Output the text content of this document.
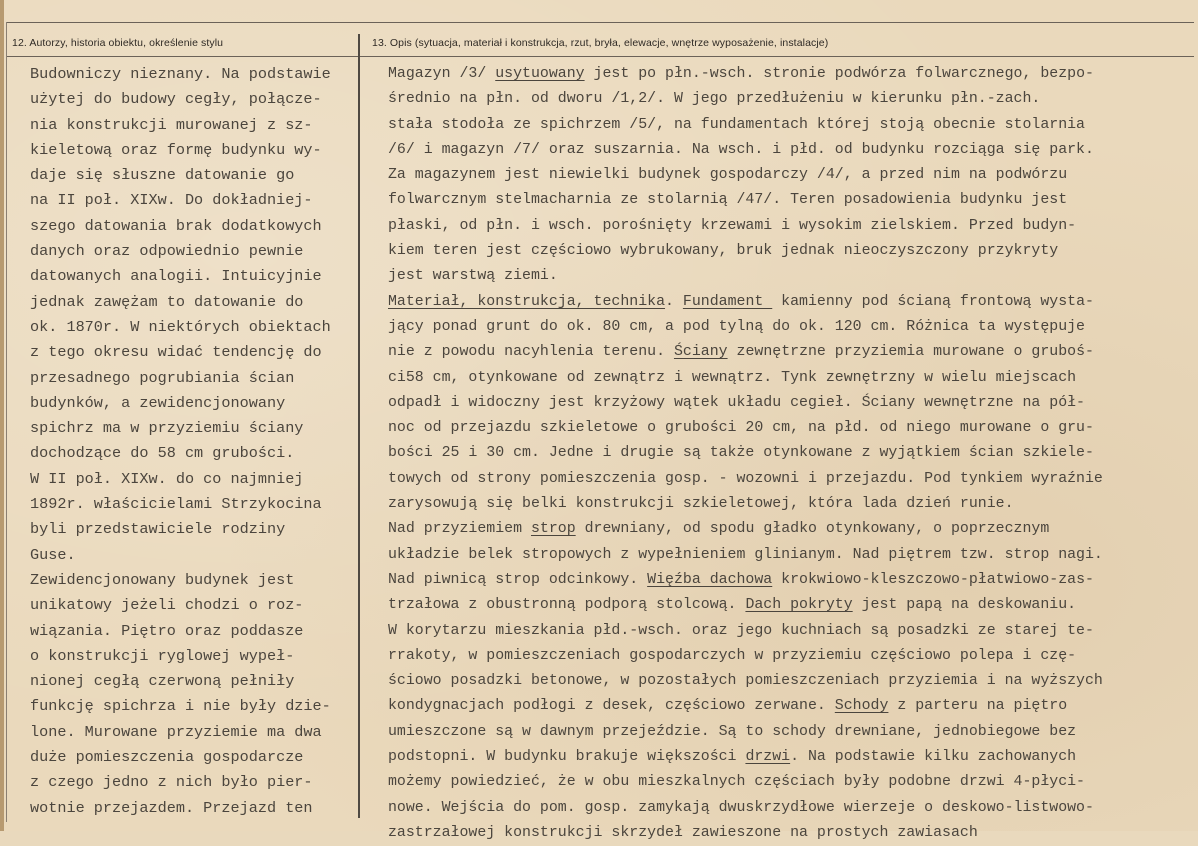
12. Autorzy, historia obiektu, określenie stylu	13. Opis (sytuacja, materiał i konstrukcja, rzut, bryła, elewacje, wnętrze wyposażenie, instalacje)
Budowniczy nieznany. Na podstawie
użytej do budowy cegły, połącze-
nia konstrukcji murowanej z sz-
kieletową oraz formę budynku wy-
daje się słuszne datowanie go
na II poł. XIXw. Do dokładniej-
szego datowania brak dodatkowych
danych oraz odpowiednio pewnie
datowanych analogii. Intuicyjnie
jednak zawężam to datowanie do
ok. 1870r. W niektórych obiektach
z tego okresu widać tendencję do
przesadnego pogrubiania ścian
budynków, a zewidencjonowany
spichrz ma w przyziemiu ściany
dochodzące do 58 cm grubości.
W II poł. XIXw. do co najmniej
1892r. właścicielami Strzykocina
byli przedstawiciele rodziny
Guse.
Zewidencjonowany budynek jest
unikatowy jeżeli chodzi o roz-
wiązania. Piętro oraz poddasze
o konstrukcji ryglowej wypeł-
nionej cegłą czerwoną pełniły
funkcję spichrza i nie były dzie-
lone. Murowane przyziemie ma dwa
duże pomieszczenia gospodarcze
z czego jedno z nich było pier-
wotnie przejazdem. Przejazd ten
Magazyn /3/ usytuowany jest po płn.-wsch. stronie podwórza folwarcznego, bezpo-
średnio na płn. od dworu /1,2/. W jego przedłużeniu w kierunku płn.-zach.
stała stodoła ze spichrzem /5/, na fundamentach której stoją obecnie stolarnia
/6/ i magazyn /7/ oraz suszarnia. Na wsch. i płd. od budynku rozciąga się park.
Za magazynem jest niewielki budynek gospodarczy /4/, a przed nim na podwórzu
folwarcznym stelmacharnia ze stolarnią /47/. Teren posadowienia budynku jest
płaski, od płn. i wsch. porośnięty krzewami i wysokim zielskiem. Przed budyn-
kiem teren jest częściowo wybrukowany, bruk jednak nieoczyszczony przykryty
jest warstwą ziemi.
Materiał, konstrukcja, technika. Fundament  kamienny pod ścianą frontową wysta-
jący ponad grunt do ok. 80 cm, a pod tylną do ok. 120 cm. Różnica ta występuje
nie z powodu nacyhlenia terenu. Ściany zewnętrzne przyziemia murowane o gruboś-
ci58 cm, otynkowane od zewnątrz i wewnątrz. Tynk zewnętrzny w wielu miejscach
odpadł i widoczny jest krzyżowy wątek układu cegieł. Ściany wewnętrzne na pół-
noc od przejazdu szkieletowe o grubości 20 cm, na płd. od niego murowane o gru-
bości 25 i 30 cm. Jedne i drugie są także otynkowane z wyjątkiem ścian szkiele-
towych od strony pomieszczenia gosp. - wozowni i przejazdu. Pod tynkiem wyraźnie
zarysowują się belki konstrukcji szkieletowej, która lada dzień runie.
Nad przyziemiem strop drewniany, od spodu gładko otynkowany, o poprzecznym
układzie belek stropowych z wypełnieniem glinianym. Nad piętrem tzw. strop nagi.
Nad piwnicą strop odcinkowy. Więźba dachowa krokwiowo-kleszczowo-płatwiowo-zas-
trzałowa z obustronną podporą stolcową. Dach pokryty jest papą na deskowaniu.
W korytarzu mieszkania płd.-wsch. oraz jego kuchniach są posadzki ze starej te-
rrakoty, w pomieszczeniach gospodarczych w przyziemiu częściowo polepa i czę-
ściowo posadzki betonowe, w pozostałych pomieszczeniach przyziemia i na wyższych
kondygnacjach podłogi z desek, częściowo zerwane. Schody z parteru na piętro
umieszczone są w dawnym przejeździe. Są to schody drewniane, jednobiegowe bez
podstopni. W budynku brakuje większości drzwi. Na podstawie kilku zachowanych
możemy powiedzieć, że w obu mieszkalnych częściach były podobne drzwi 4-płyci-
nowe. Wejścia do pom. gosp. zamykają dwuskrzydłowe wierzeje o deskowo-listwowo-
zastrzałowej konstrukcji skrzydeł zawieszone na prostych zawiasach
